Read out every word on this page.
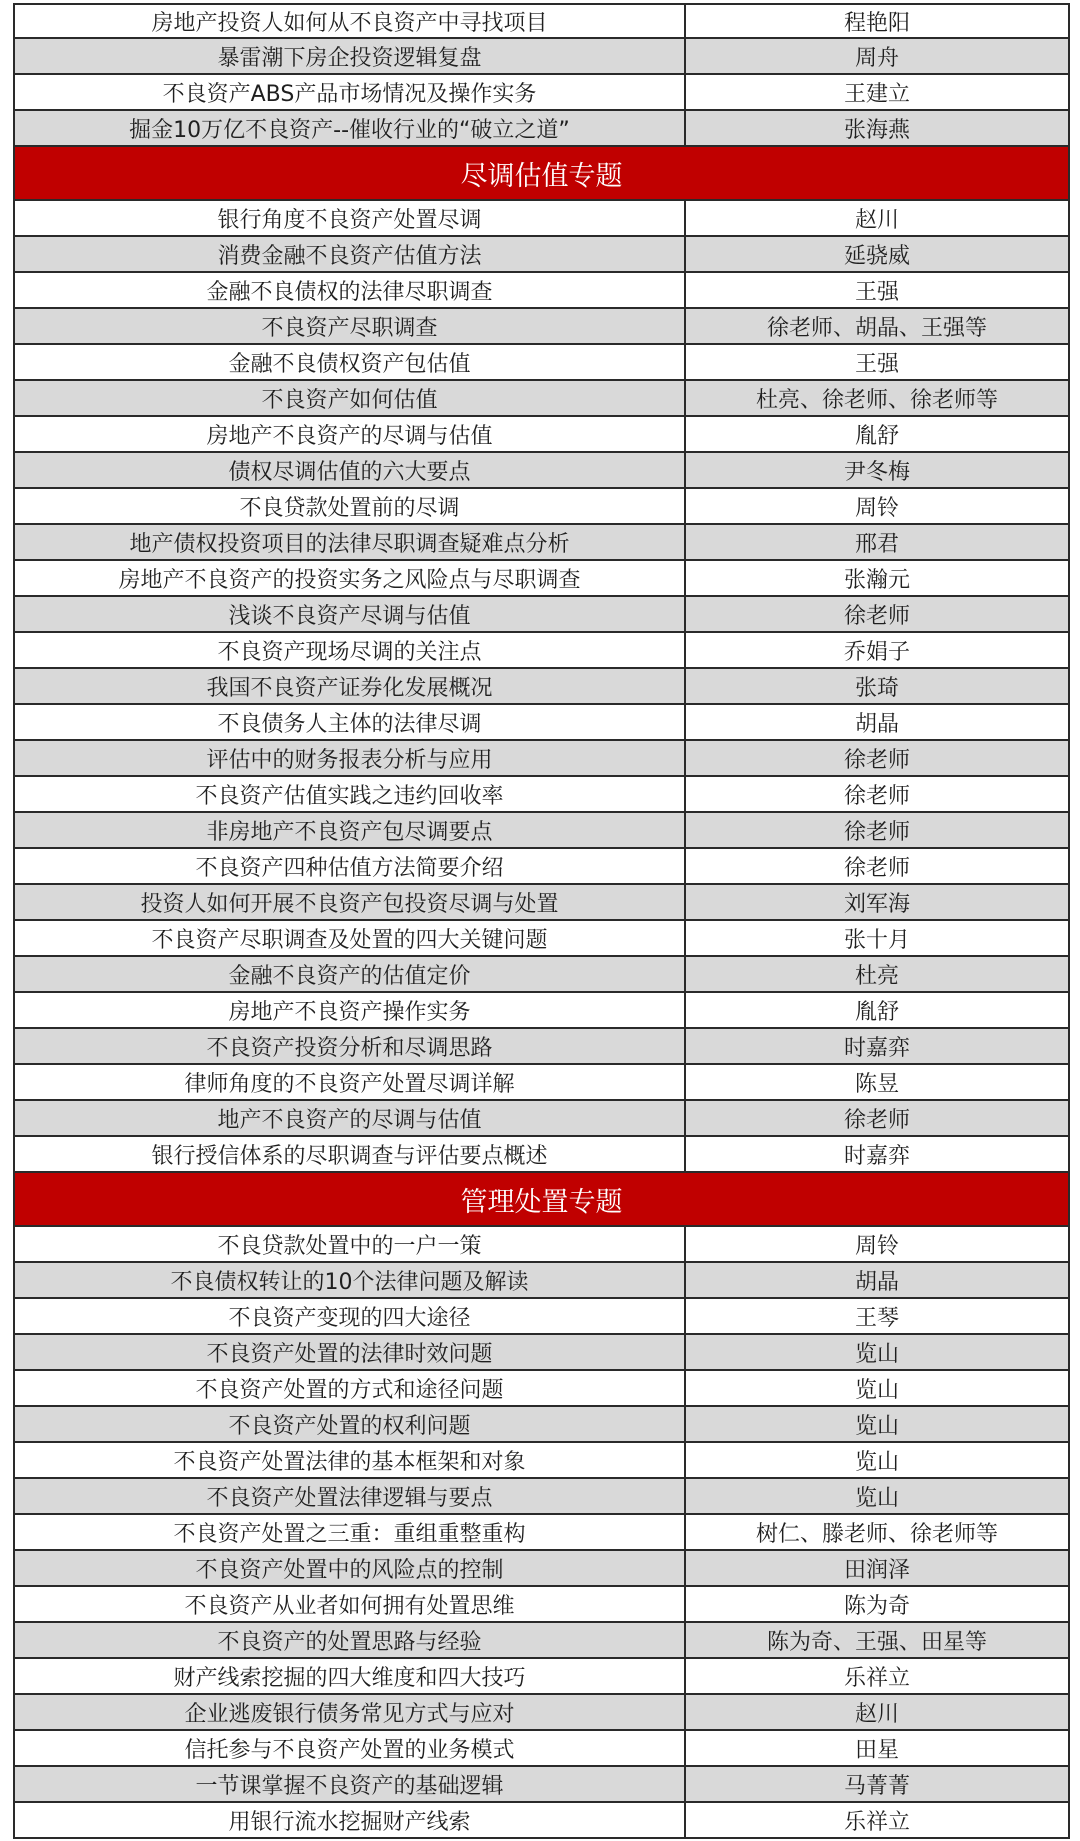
房地产投资人如何从不良资产中寻找项目	程艳阳
暴雷潮下房企投资逻辑复盘	周舟
不良资产ABS产品市场情况及操作实务	王建立
掘金10万亿不良资产--催收行业的“破立之道”	张海燕
尽调估值专题
银行角度不良资产处置尽调	赵川
消费金融不良资产估值方法	延骁威
金融不良债权的法律尽职调查	王强
不良资产尽职调查	徐老师、胡晶、王强等
金融不良债权资产包估值	王强
不良资产如何估值	杜亮、徐老师、徐老师等
房地产不良资产的尽调与估值	胤舒
债权尽调估值的六大要点	尹冬梅
不良贷款处置前的尽调	周铃
地产债权投资项目的法律尽职调查疑难点分析	邢君
房地产不良资产的投资实务之风险点与尽职调查	张瀚元
浅谈不良资产尽调与估值	徐老师
不良资产现场尽调的关注点	乔娟子
我国不良资产证券化发展概况	张琦
不良债务人主体的法律尽调	胡晶
评估中的财务报表分析与应用	徐老师
不良资产估值实践之违约回收率	徐老师
非房地产不良资产包尽调要点	徐老师
不良资产四种估值方法简要介绍	徐老师
投资人如何开展不良资产包投资尽调与处置	刘军海
不良资产尽职调查及处置的四大关键问题	张十月
金融不良资产的估值定价	杜亮
房地产不良资产操作实务	胤舒
不良资产投资分析和尽调思路	时嘉弈
律师角度的不良资产处置尽调详解	陈昱
地产不良资产的尽调与估值	徐老师
银行授信体系的尽职调查与评估要点概述	时嘉弈
管理处置专题
不良贷款处置中的一户一策	周铃
不良债权转让的10个法律问题及解读	胡晶
不良资产变现的四大途径	王琴
不良资产处置的法律时效问题	览山
不良资产处置的方式和途径问题	览山
不良资产处置的权利问题	览山
不良资产处置法律的基本框架和对象	览山
不良资产处置法律逻辑与要点	览山
不良资产处置之三重：重组重整重构	树仁、滕老师、徐老师等
不良资产处置中的风险点的控制	田润泽
不良资产从业者如何拥有处置思维	陈为奇
不良资产的处置思路与经验	陈为奇、王强、田星等
财产线索挖掘的四大维度和四大技巧	乐祥立
企业逃废银行债务常见方式与应对	赵川
信托参与不良资产处置的业务模式	田星
一节课掌握不良资产的基础逻辑	马菁菁
用银行流水挖掘财产线索	乐祥立
